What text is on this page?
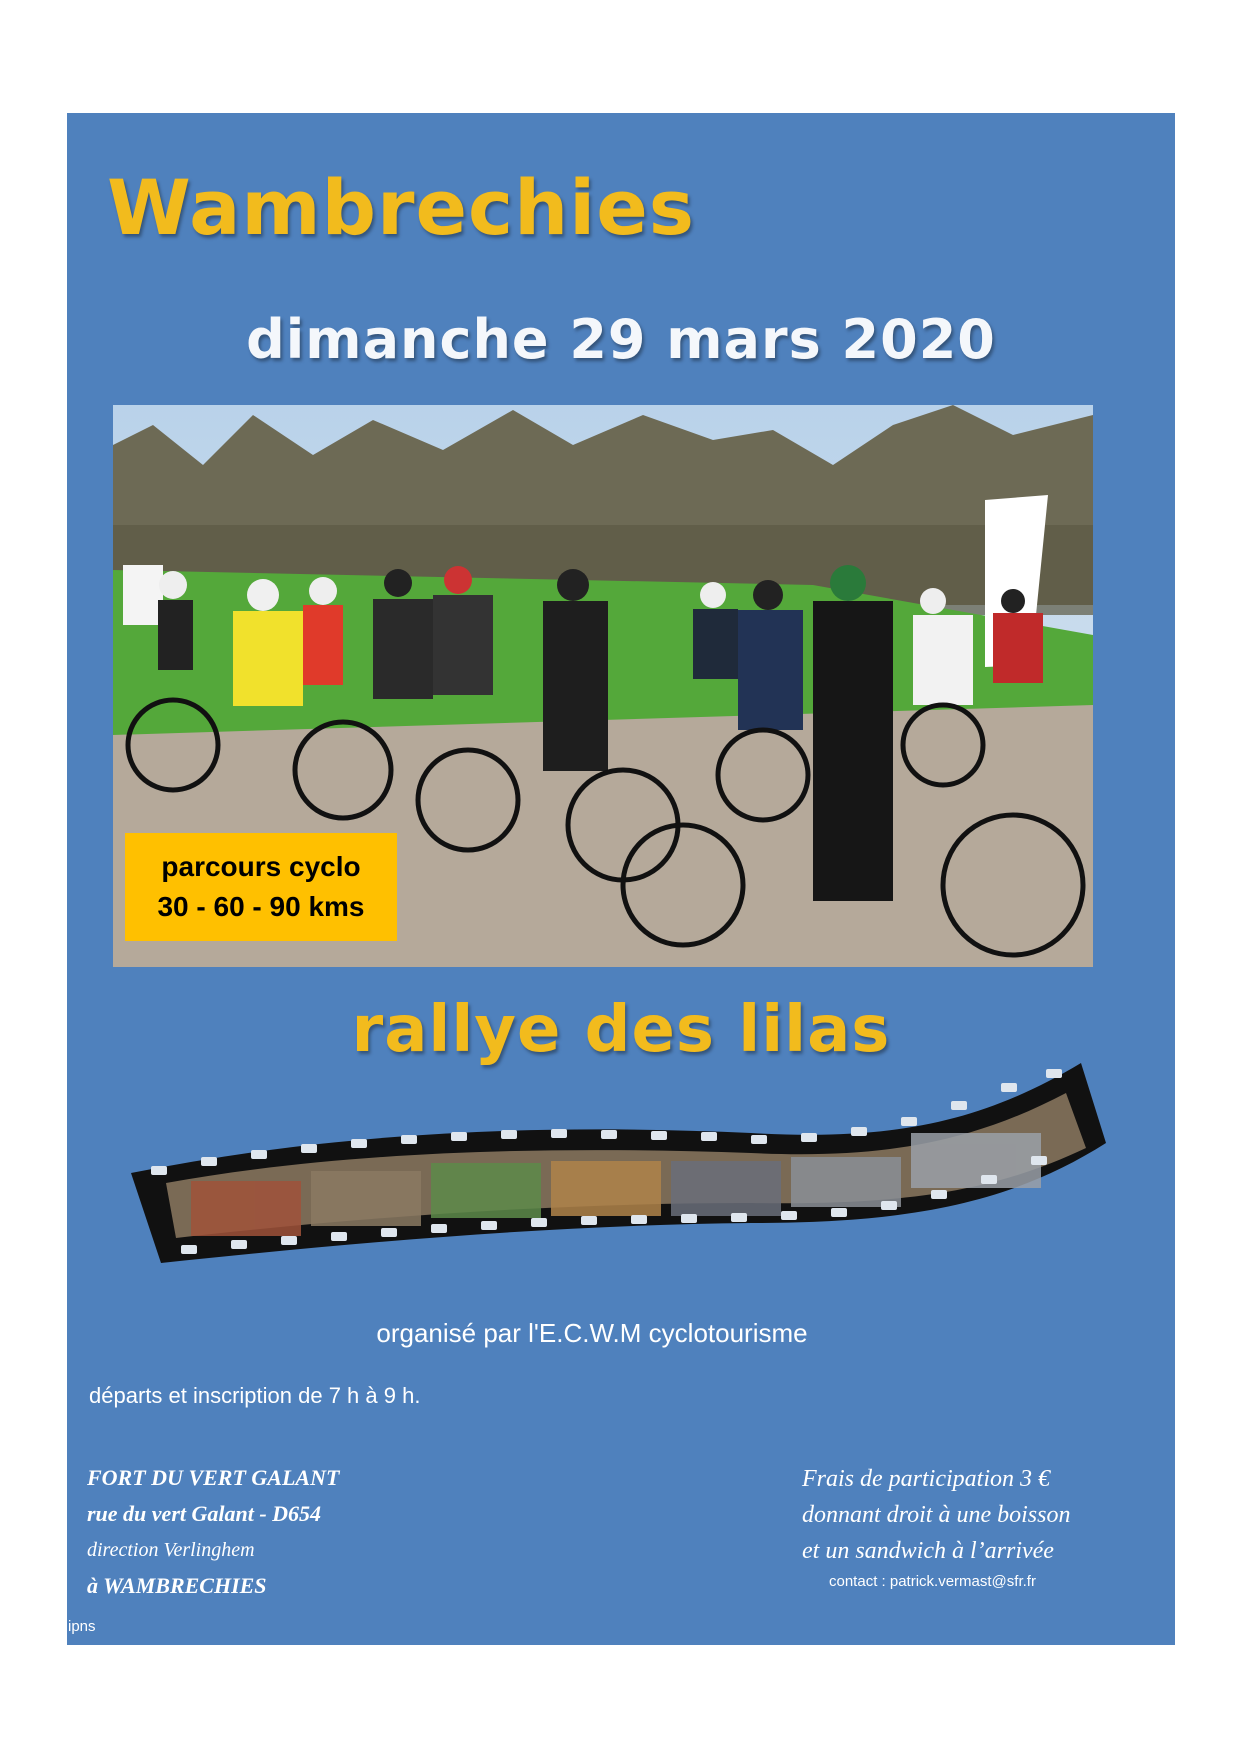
Wambrechies
dimanche 29 mars 2020
parcours cyclo
30 - 60 - 90 kms
rallye des lilas
organisé par l'E.C.W.M cyclotourisme
départs et inscription de 7 h à 9 h.
FORT DU VERT GALANT
rue du vert Galant - D654
direction Verlinghem
à WAMBRECHIES
Frais de participation 3 €
donnant droit à une boisson
et un sandwich à l’arrivée
contact : patrick.vermast@sfr.fr
ipns
